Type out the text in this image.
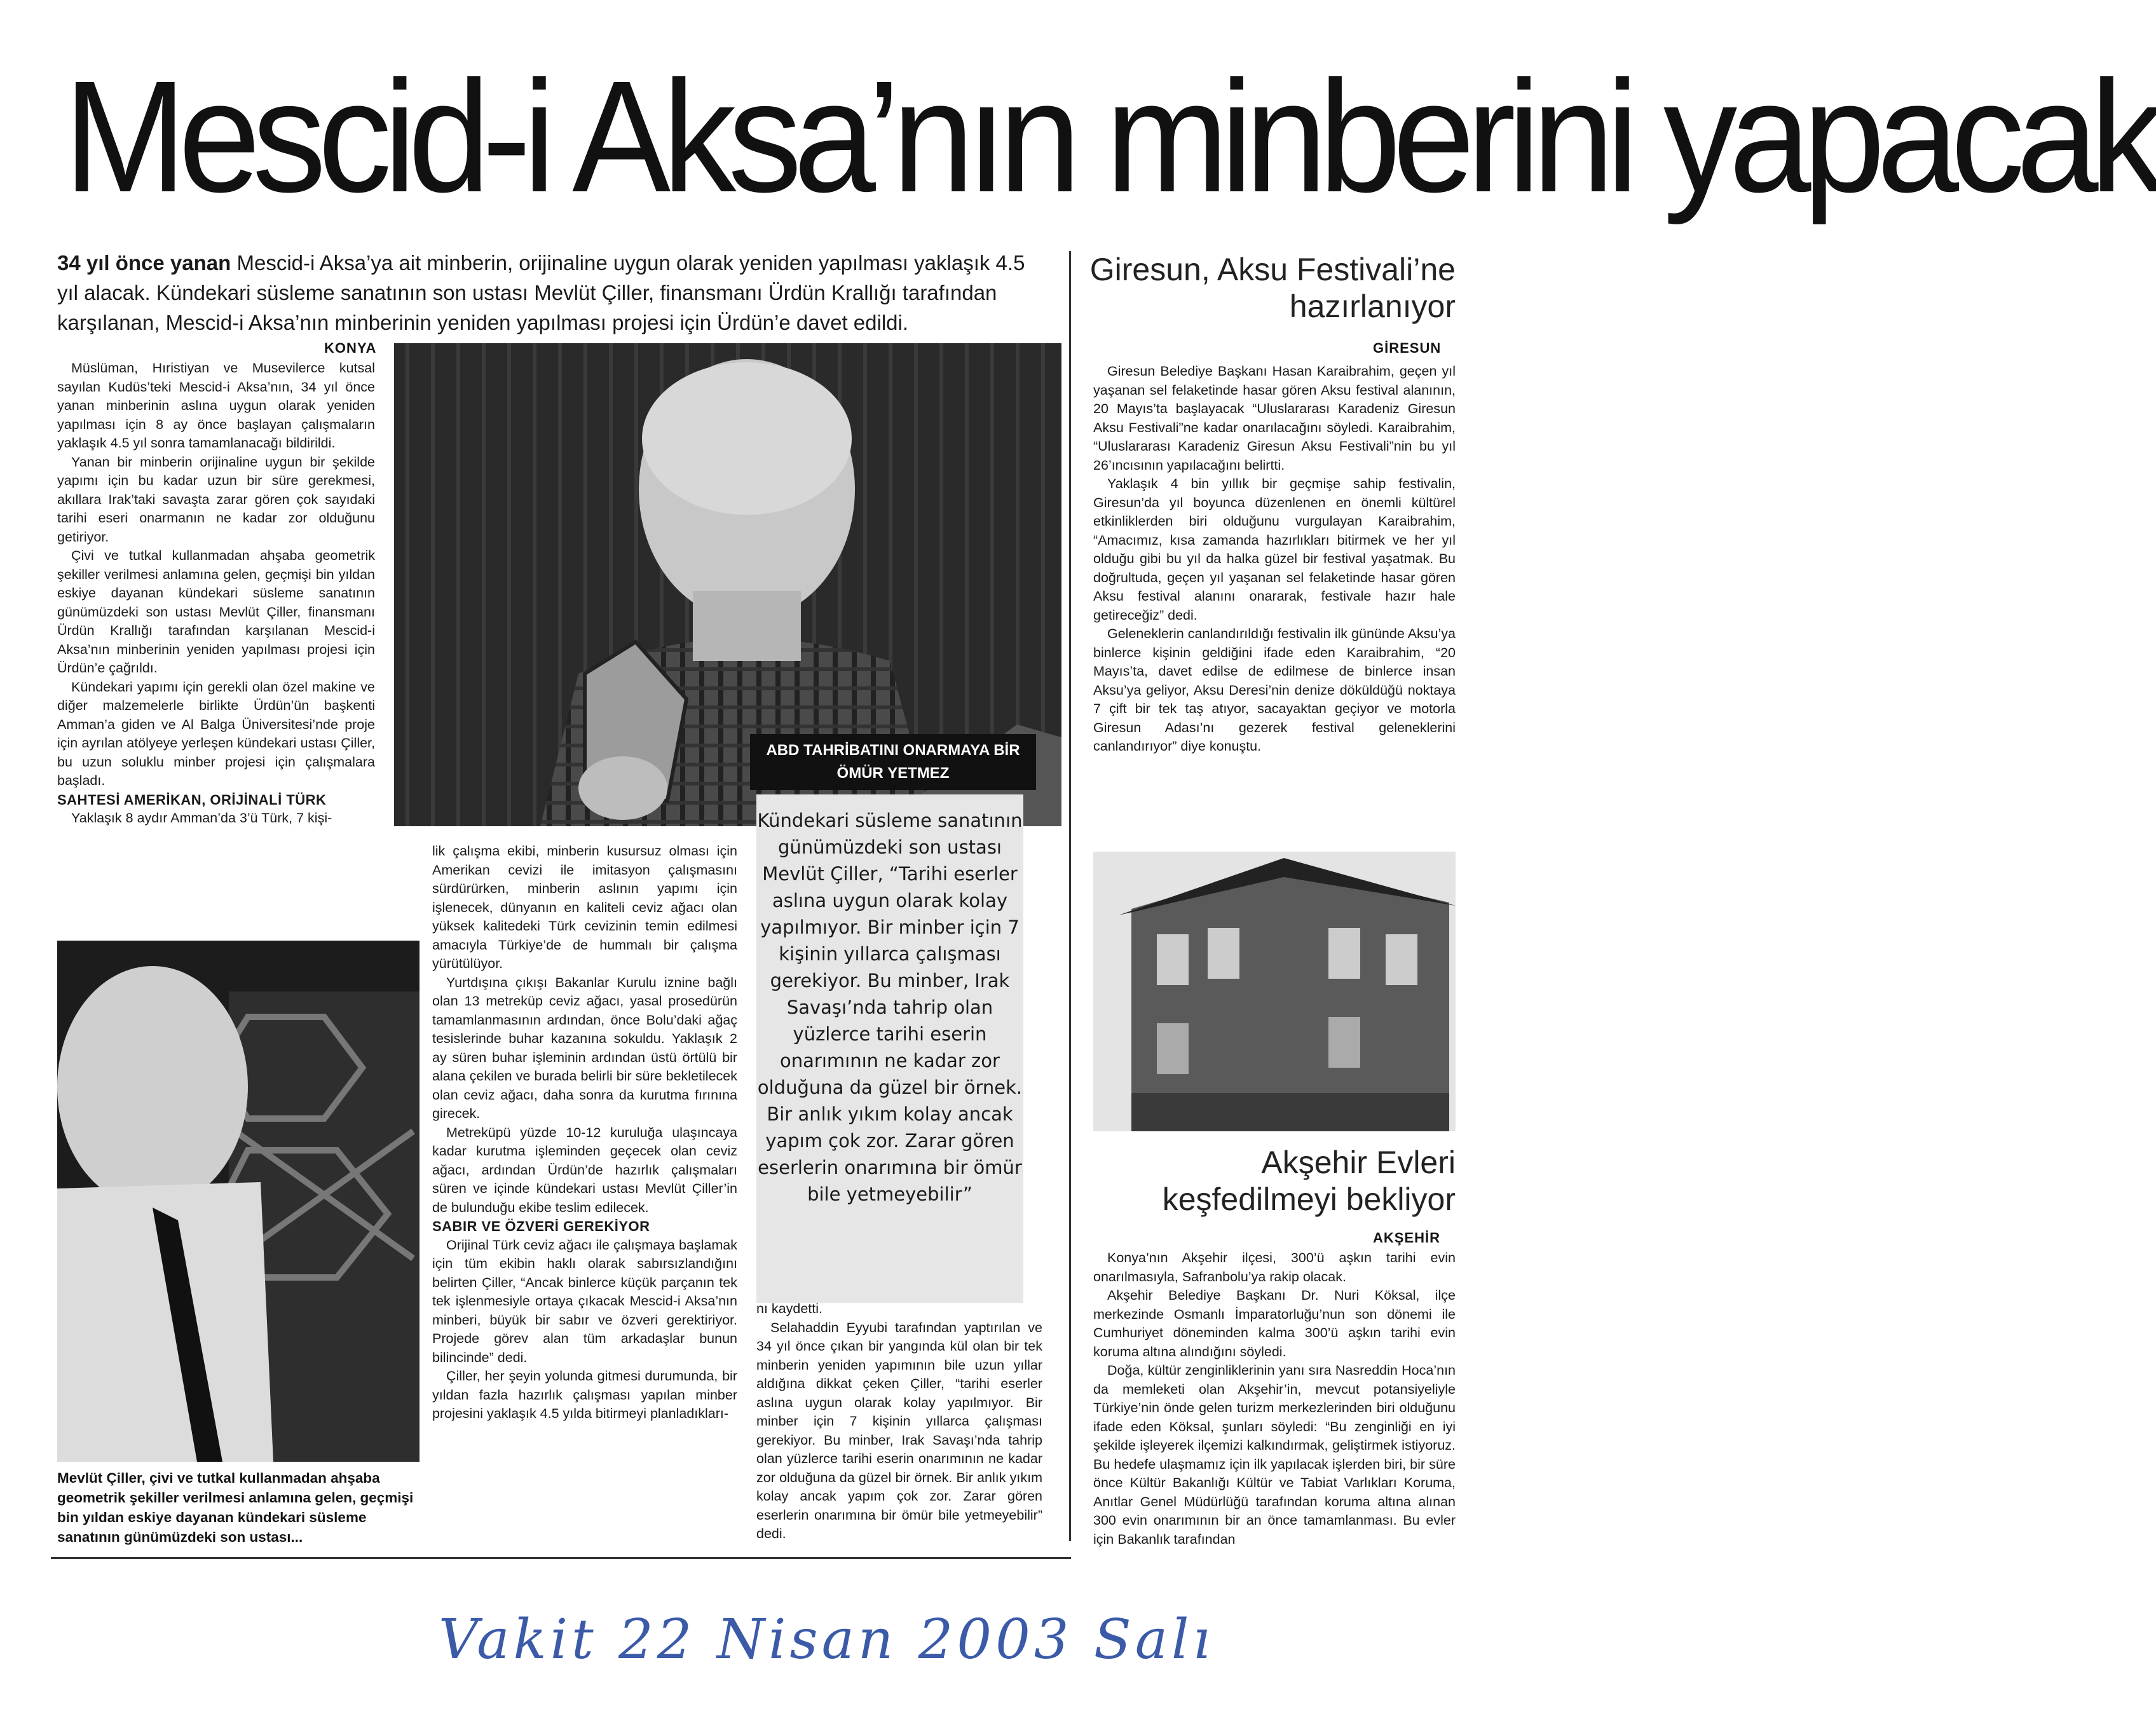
Mescid-i Aksa’nın minberini yapacak
34 yıl önce yanan Mescid-i Aksa’ya ait minberin, orijinaline uygun olarak yeniden yapılması yaklaşık 4.5 yıl alacak. Kündekari süsleme sanatının son ustası Mevlüt Çiller, finansmanı Ürdün Krallığı tarafından karşılanan, Mescid-i Aksa’nın minberinin yeniden yapılması projesi için Ürdün’e davet edildi.
KONYA

Müslüman, Hıristiyan ve Musevilerce kutsal sayılan Kudüs’teki Mescid-i Aksa’nın, 34 yıl önce yanan minberinin aslına uygun olarak yeniden yapılması için 8 ay önce başlayan çalışmaların yaklaşık 4.5 yıl sonra tamamlanacağı bildirildi.

Yanan bir minberin orijinaline uygun bir şekilde yapımı için bu kadar uzun bir süre gerekmesi, akıllara Irak’taki savaşta zarar gören çok sayıdaki tarihi eseri onarmanın ne kadar zor olduğunu getiriyor.

Çivi ve tutkal kullanmadan ahşaba geometrik şekiller verilmesi anlamına gelen, geçmişi bin yıldan eskiye dayanan kündekari süsleme sanatının günümüzdeki son ustası Mevlüt Çiller, finansmanı Ürdün Krallığı tarafından karşılanan Mescid-i Aksa’nın minberinin yeniden yapılması projesi için Ürdün’e çağrıldı.

Kündekari yapımı için gerekli olan özel makine ve diğer malzemelerle birlikte Ürdün’ün başkenti Amman’a giden ve Al Balga Üniversitesi’nde proje için ayrılan atölyeye yerleşen kündekari ustası Çiller, bu uzun soluklu minber projesi için çalışmalara başladı.

SAHTESİ AMERİKAN, ORİJİNALİ TÜRK

Yaklaşık 8 aydır Amman’da 3’ü Türk, 7 kişi-

ABD TAHRİBATINI ONARMAYA BİR ÖMÜR YETMEZ
Kündekari süsleme sanatının günümüzdeki son ustası Mevlüt Çiller, “Tarihi eserler aslına uygun olarak kolay yapılmıyor. Bir minber için 7 kişinin yıllarca çalışması gerekiyor. Bu minber, Irak Savaşı’nda tahrip olan yüzlerce tarihi eserin onarımının ne kadar zor olduğuna da güzel bir örnek. Bir anlık yıkım kolay ancak yapım çok zor. Zarar gören eserlerin onarımına bir ömür bile yetmeyebilir”

lik çalışma ekibi, minberin kusursuz olması için Amerikan cevizi ile imitasyon çalışmasını sürdürürken, minberin aslının yapımı için işlenecek, dünyanın en kaliteli ceviz ağacı olan yüksek kalitedeki Türk cevizinin temin edilmesi amacıyla Türkiye’de de hummalı bir çalışma yürütülüyor.

Yurtdışına çıkışı Bakanlar Kurulu iznine bağlı olan 13 metreküp ceviz ağacı, yasal prosedürün tamamlanmasının ardından, önce Bolu’daki ağaç tesislerinde buhar kazanına sokuldu. Yaklaşık 2 ay süren buhar işleminin ardından üstü örtülü bir alana çekilen ve burada belirli bir süre bekletilecek olan ceviz ağacı, daha sonra da kurutma fırınına girecek.

Metreküpü yüzde 10-12 kuruluğa ulaşıncaya kadar kurutma işleminden geçecek olan ceviz ağacı, ardından Ürdün’de hazırlık çalışmaları süren ve içinde kündekari ustası Mevlüt Çiller’in de bulunduğu ekibe teslim edilecek.

SABIR VE ÖZVERİ GEREKİYOR

Orijinal Türk ceviz ağacı ile çalışmaya başlamak için tüm ekibin haklı olarak sabırsızlandığını belirten Çiller, “Ancak binlerce küçük parçanın tek tek işlenmesiyle ortaya çıkacak Mescid-i Aksa’nın minberi, büyük bir sabır ve özveri gerektiriyor. Projede görev alan tüm arkadaşlar bunun bilincinde” dedi.

Çiller, her şeyin yolunda gitmesi durumunda, bir yıldan fazla hazırlık çalışması yapılan minber projesini yaklaşık 4.5 yılda bitirmeyi planladıkları-

Mevlüt Çiller, çivi ve tutkal kullanmadan ahşaba geometrik şekiller verilmesi anlamına gelen, geçmişi bin yıldan eskiye dayanan kündekari süsleme sanatının günümüzdeki son ustası...

nı kaydetti.

Selahaddin Eyyubi tarafından yaptırılan ve 34 yıl önce çıkan bir yangında kül olan bir tek minberin yeniden yapımının bile uzun yıllar aldığına dikkat çeken Çiller, “tarihi eserler aslına uygun olarak kolay yapılmıyor. Bir minber için 7 kişinin yıllarca çalışması gerekiyor. Bu minber, Irak Savaşı’nda tahrip olan yüzlerce tarihi eserin onarımının ne kadar zor olduğuna da güzel bir örnek. Bir anlık yıkım kolay ancak yapım çok zor. Zarar gören eserlerin onarımına bir ömür bile yetmeyebilir” dedi.

Giresun, Aksu Festivali’ne hazırlanıyor
GİRESUN

Giresun Belediye Başkanı Hasan Karaibrahim, geçen yıl yaşanan sel felaketinde hasar gören Aksu festival alanının, 20 Mayıs’ta başlayacak “Uluslararası Karadeniz Giresun Aksu Festivali”ne kadar onarılacağını söyledi. Karaibrahim, “Uluslararası Karadeniz Giresun Aksu Festivali”nin bu yıl 26’ıncısının yapılacağını belirtti.

Yaklaşık 4 bin yıllık bir geçmişe sahip festivalin, Giresun’da yıl boyunca düzenlenen en önemli kültürel etkinliklerden biri olduğunu vurgulayan Karaibrahim, “Amacımız, kısa zamanda hazırlıkları bitirmek ve her yıl olduğu gibi bu yıl da halka güzel bir festival yaşatmak. Bu doğrultuda, geçen yıl yaşanan sel felaketinde hasar gören Aksu festival alanını onararak, festivale hazır hale getireceğiz” dedi.

Geleneklerin canlandırıldığı festivalin ilk gününde Aksu’ya binlerce kişinin geldiğini ifade eden Karaibrahim, “20 Mayıs’ta, davet edilse de edilmese de binlerce insan Aksu’ya geliyor, Aksu Deresi’nin denize döküldüğü noktaya 7 çift bir tek taş atıyor, sacayaktan geçiyor ve motorla Giresun Adası’nı gezerek festival geleneklerini canlandırıyor” diye konuştu.

Akşehir Evleri keşfedilmeyi bekliyor
AKŞEHİR

Konya’nın Akşehir ilçesi, 300’ü aşkın tarihi evin onarılmasıyla, Safranbolu’ya rakip olacak.

Akşehir Belediye Başkanı Dr. Nuri Köksal, ilçe merkezinde Osmanlı İmparatorluğu’nun son dönemi ile Cumhuriyet döneminden kalma 300’ü aşkın tarihi evin koruma altına alındığını söyledi.

Doğa, kültür zenginliklerinin yanı sıra Nasreddin Hoca’nın da memleketi olan Akşehir’in, mevcut potansiyeliyle Türkiye’nin önde gelen turizm merkezlerinden biri olduğunu ifade eden Köksal, şunları söyledi: “Bu zenginliği en iyi şekilde işleyerek ilçemizi kalkındırmak, geliştirmek istiyoruz. Bu hedefe ulaşmamız için ilk yapılacak işlerden biri, bir süre önce Kültür Bakanlığı Kültür ve Tabiat Varlıkları Koruma, Anıtlar Genel Müdürlüğü tarafından koruma altına alınan 300 evin onarımının bir an önce tamamlanması. Bu evler için Bakanlık tarafından

Vakit 22 Nisan 2003 Salı
